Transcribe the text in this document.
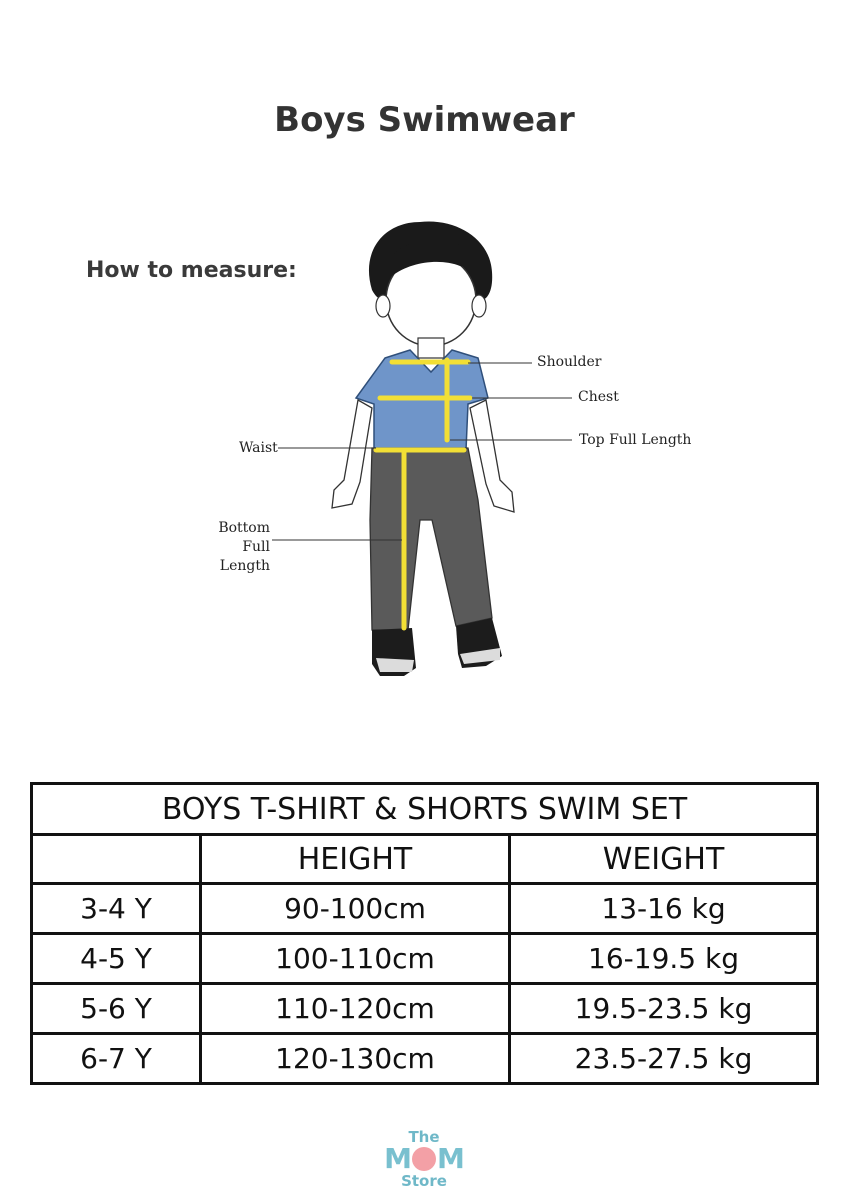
Boys Swimwear
How to measure:
Shoulder
Chest
Top Full Length
Waist
Bottom
Full Length
BOYS T-SHIRT & SHORTS SWIM SET		
	HEIGHT	WEIGHT
3-4 Y	90-100cm	13-16 kg
4-5 Y	100-110cm	16-19.5 kg
5-6 Y	110-120cm	19.5-23.5 kg
6-7 Y	120-130cm	23.5-27.5 kg
The
M M
Store
